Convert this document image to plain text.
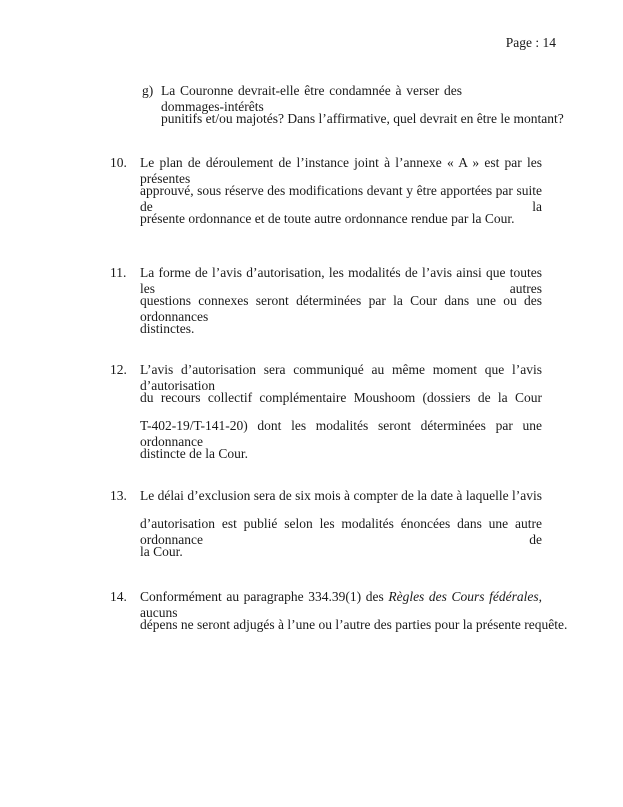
Page : 14
g) La Couronne devrait-elle être condamnée à verser des dommages-intérêts
punitifs et/ou majotés? Dans l’affirmative, quel devrait en être le montant?
10. Le plan de déroulement de l’instance joint à l’annexe « A » est par les présentes
approuvé, sous réserve des modifications devant y être apportées par suite de la
présente ordonnance et de toute autre ordonnance rendue par la Cour.
11. La forme de l’avis d’autorisation, les modalités de l’avis ainsi que toutes les autres
questions connexes seront déterminées par la Cour dans une ou des ordonnances
distinctes.
12. L’avis d’autorisation sera communiqué au même moment que l’avis d’autorisation
du recours collectif complémentaire Moushoom (dossiers de la Cour
T-402-19/T-141-20) dont les modalités seront déterminées par une ordonnance
distincte de la Cour.
13. Le délai d’exclusion sera de six mois à compter de la date à laquelle l’avis
d’autorisation est publié selon les modalités énoncées dans une autre ordonnance de
la Cour.
14. Conformément au paragraphe 334.39(1) des Règles des Cours fédérales, aucuns
dépens ne seront adjugés à l’une ou l’autre des parties pour la présente requête.
